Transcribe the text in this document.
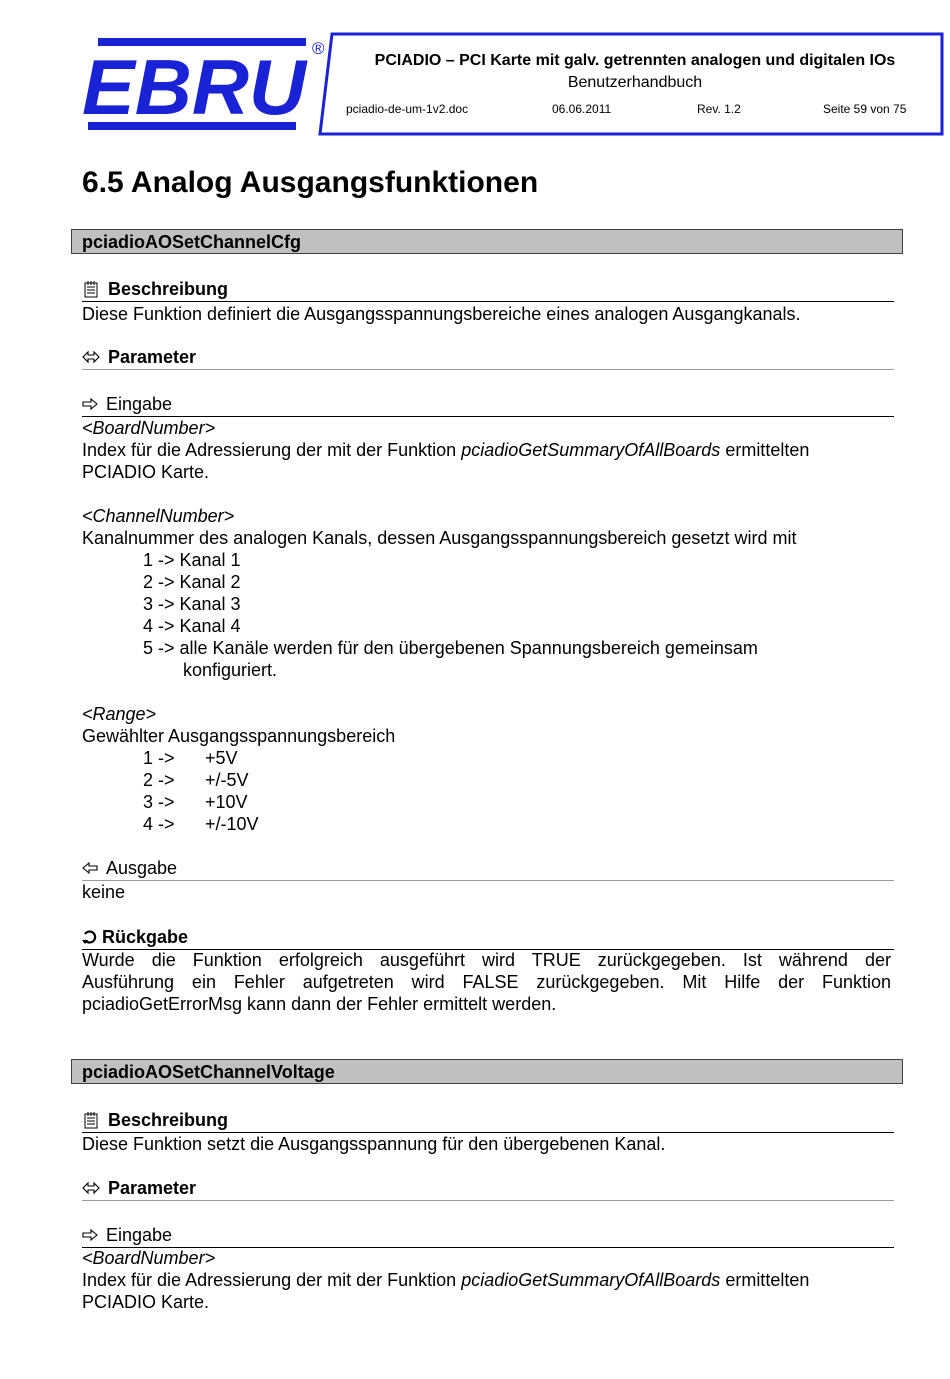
EBRU ®
PCIADIO – PCI Karte mit galv. getrennten analogen und digitalen IOs
Benutzerhandbuch
pciadio-de-um-1v2.doc	06.06.2011	Rev. 1.2	Seite 59 von 75
6.5 Analog Ausgangsfunktionen
pciadioAOSetChannelCfg
Beschreibung
Diese Funktion definiert die Ausgangsspannungsbereiche eines analogen Ausgangkanals.
Parameter
Eingabe
<BoardNumber>
Index für die Adressierung der mit der Funktion pciadioGetSummaryOfAllBoards ermittelten
PCIADIO Karte.
<ChannelNumber>
Kanalnummer des analogen Kanals, dessen Ausgangsspannungsbereich gesetzt wird mit
1 -> Kanal 1
2 -> Kanal 2
3 -> Kanal 3
4 -> Kanal 4
5 -> alle Kanäle werden für den übergebenen Spannungsbereich gemeinsam
konfiguriert.
<Range>
Gewählter Ausgangsspannungsbereich
1 -> +5V
2 -> +/-5V
3 -> +10V
4 -> +/-10V
Ausgabe
keine
Rückgabe
Wurde die Funktion erfolgreich ausgeführt wird TRUE zurückgegeben. Ist während der
Ausführung ein Fehler aufgetreten wird FALSE zurückgegeben. Mit Hilfe der Funktion
pciadioGetErrorMsg kann dann der Fehler ermittelt werden.
pciadioAOSetChannelVoltage
Beschreibung
Diese Funktion setzt die Ausgangsspannung für den übergebenen Kanal.
Parameter
Eingabe
<BoardNumber>
Index für die Adressierung der mit der Funktion pciadioGetSummaryOfAllBoards ermittelten
PCIADIO Karte.
